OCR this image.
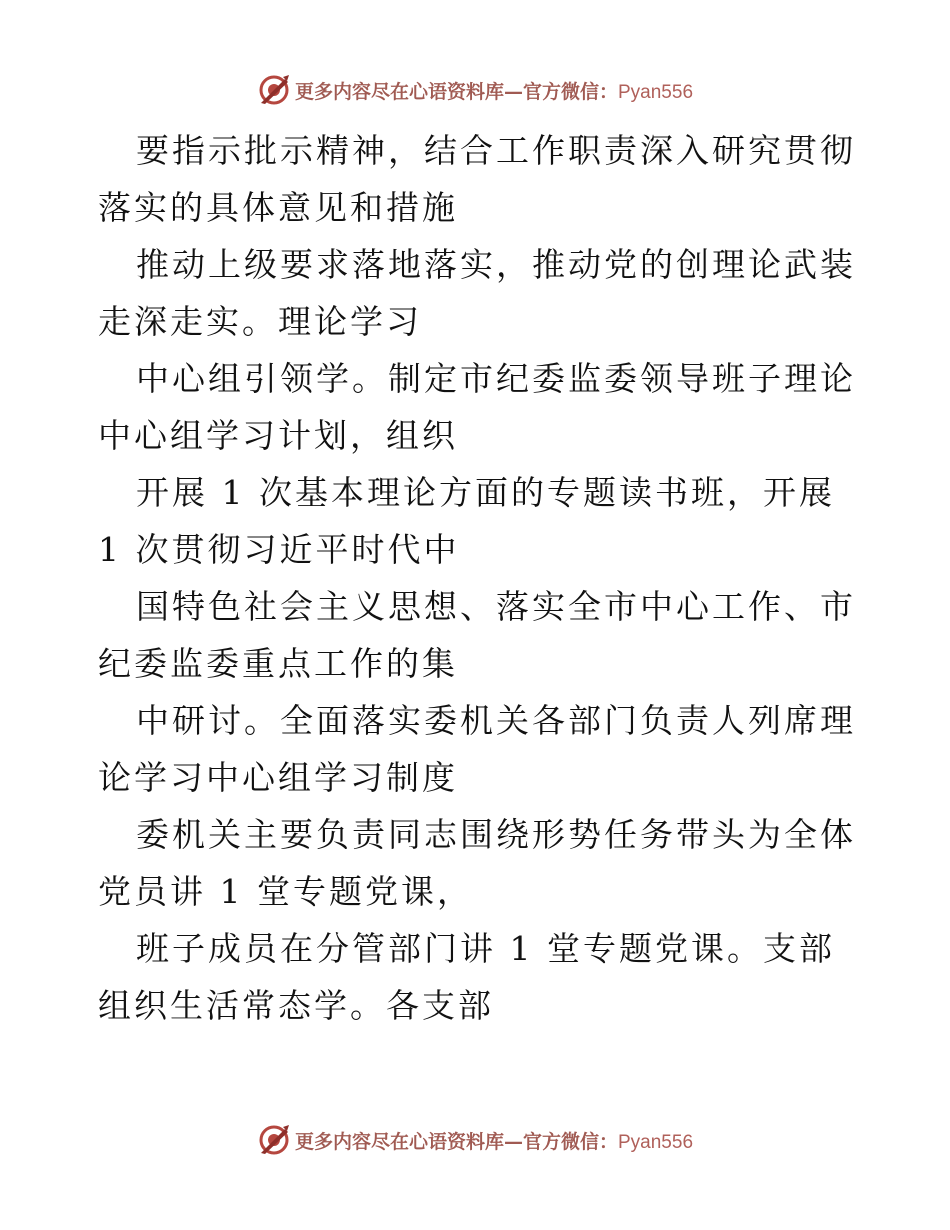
更多内容尽在心语资料库—官方微信：Pyan556

要指示批示精神，结合工作职责深入研究贯彻落实的具体意见和措施

推动上级要求落地落实，推动党的创理论武装走深走实。理论学习

中心组引领学。制定市纪委监委领导班子理论中心组学习计划，组织

开展 1 次基本理论方面的专题读书班，开展 1 次贯彻习近平时代中

国特色社会主义思想、落实全市中心工作、市纪委监委重点工作的集

中研讨。全面落实委机关各部门负责人列席理论学习中心组学习制度

委机关主要负责同志围绕形势任务带头为全体党员讲 1 堂专题党课，

班子成员在分管部门讲 1 堂专题党课。支部组织生活常态学。各支部

更多内容尽在心语资料库—官方微信：Pyan556
